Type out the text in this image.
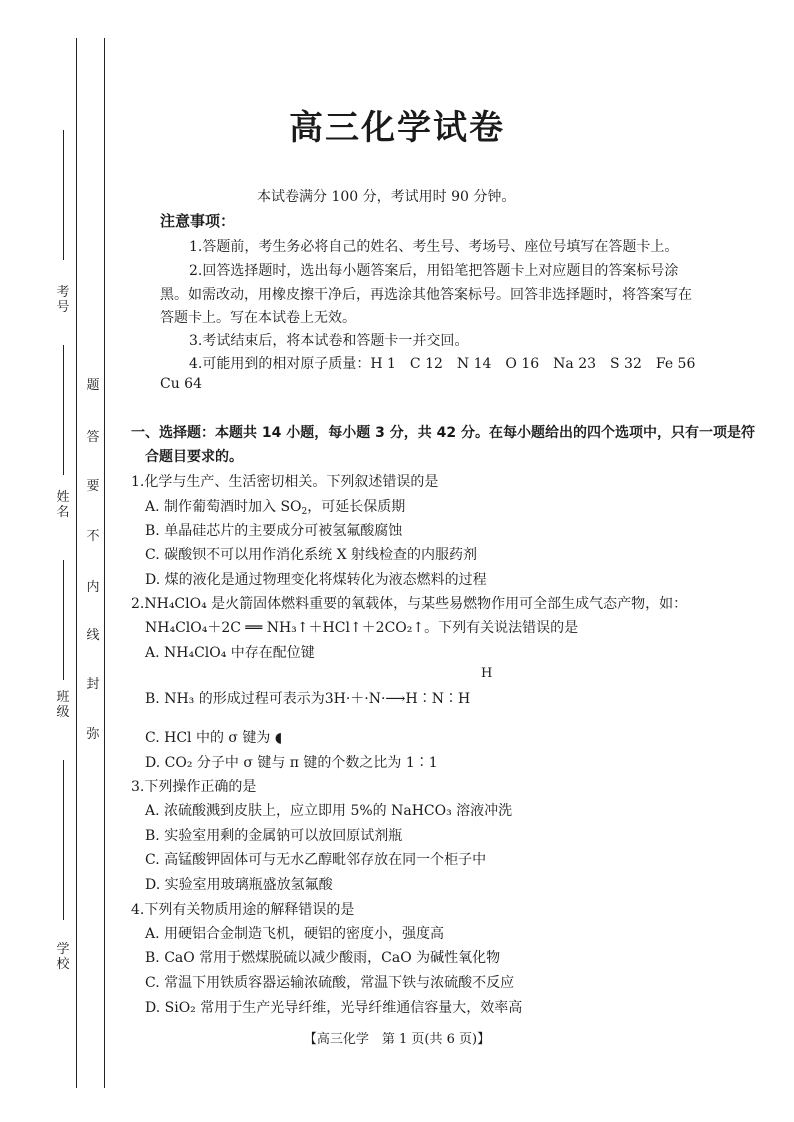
考号
姓名
班级
学校
题
答
要
不
内
线
封
弥
高三化学试卷
本试卷满分 100 分，考试用时 90 分钟。
注意事项：
1.答题前，考生务必将自己的姓名、考生号、考场号、座位号填写在答题卡上。
2.回答选择题时，选出每小题答案后，用铅笔把答题卡上对应题目的答案标号涂
黑。如需改动，用橡皮擦干净后，再选涂其他答案标号。回答非选择题时，将答案写在
答题卡上。写在本试卷上无效。
3.考试结束后，将本试卷和答题卡一并交回。
4.可能用到的相对原子质量：H 1　C 12　N 14　O 16　Na 23　S 32　Fe 56
Cu 64
一、选择题：本题共 14 小题，每小题 3 分，共 42 分。在每小题给出的四个选项中，只有一项是符
合题目要求的。
1.化学与生产、生活密切相关。下列叙述错误的是
A. 制作葡萄酒时加入 $SO_2$，可延长保质期
B. 单晶硅芯片的主要成分可被氢氟酸腐蚀
C. 碳酸钡不可以用作消化系统 X 射线检查的内服药剂
D. 煤的液化是通过物理变化将煤转化为液态燃料的过程
2.NH₄ClO₄ 是火箭固体燃料重要的氧载体，与某些易燃物作用可全部生成气态产物，如：
NH₄ClO₄＋2C ══ NH₃↑＋HCl↑＋2CO₂↑。下列有关说法错误的是
A. NH₄ClO₄ 中存在配位键
H
B. NH₃ 的形成过程可表示为3H·＋·N·⟶H∶N∶H
C. HCl 中的 σ 键为 ◖
D. CO₂ 分子中 σ 键与 π 键的个数之比为 1∶1
3.下列操作正确的是
A. 浓硫酸溅到皮肤上，应立即用 5%的 NaHCO₃ 溶液冲洗
B. 实验室用剩的金属钠可以放回原试剂瓶
C. 高锰酸钾固体可与无水乙醇毗邻存放在同一个柜子中
D. 实验室用玻璃瓶盛放氢氟酸
4.下列有关物质用途的解释错误的是
A. 用硬铝合金制造飞机，硬铝的密度小，强度高
B. CaO 常用于燃煤脱硫以减少酸雨，CaO 为碱性氧化物
C. 常温下用铁质容器运输浓硫酸，常温下铁与浓硫酸不反应
D. SiO₂ 常用于生产光导纤维，光导纤维通信容量大，效率高
【高三化学　第 1 页(共 6 页)】
